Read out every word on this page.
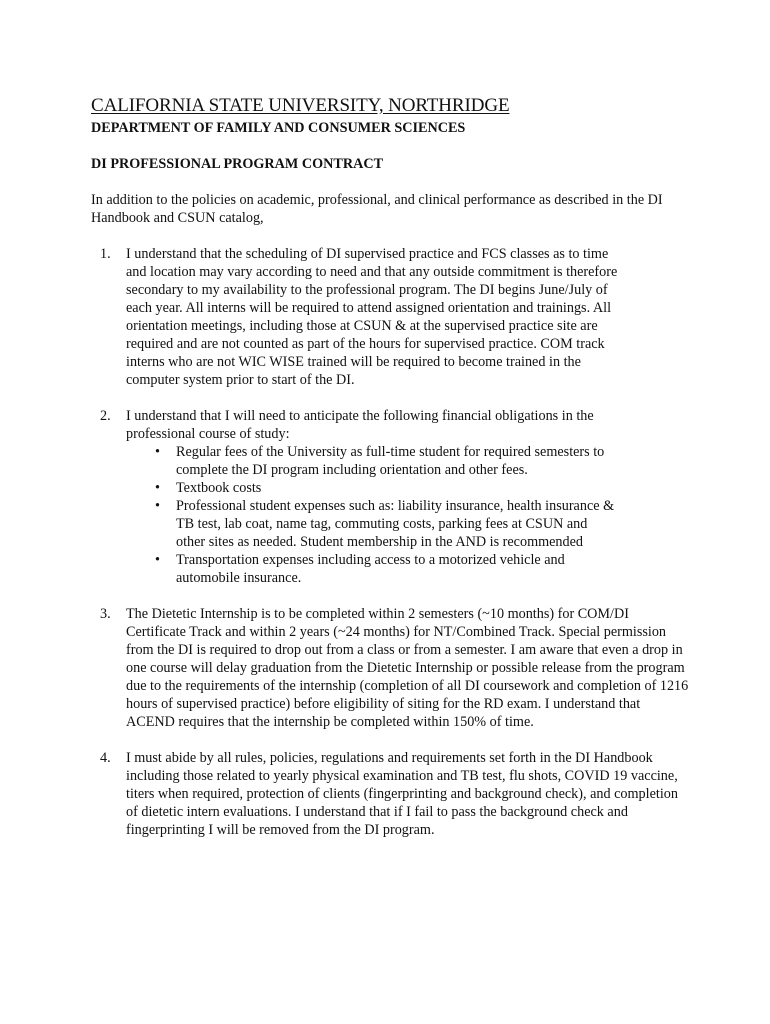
CALIFORNIA STATE UNIVERSITY, NORTHRIDGE
DEPARTMENT OF FAMILY AND CONSUMER SCIENCES
DI PROFESSIONAL PROGRAM CONTRACT

In addition to the policies on academic, professional, and clinical performance as described in the DI Handbook and CSUN catalog,

1. I understand that the scheduling of DI supervised practice and FCS classes as to time and location may vary according to need and that any outside commitment is therefore secondary to my availability to the professional program. The DI begins June/July of each year. All interns will be required to attend assigned orientation and trainings. All orientation meetings, including those at CSUN & at the supervised practice site are required and are not counted as part of the hours for supervised practice. COM track interns who are not WIC WISE trained will be required to become trained in the computer system prior to start of the DI.
2. I understand that I will need to anticipate the following financial obligations in the professional course of study:
• Regular fees of the University as full-time student for required semesters to complete the DI program including orientation and other fees.
• Textbook costs
• Professional student expenses such as: liability insurance, health insurance & TB test, lab coat, name tag, commuting costs, parking fees at CSUN and other sites as needed. Student membership in the AND is recommended
• Transportation expenses including access to a motorized vehicle and automobile insurance.
3. The Dietetic Internship is to be completed within 2 semesters (~10 months) for COM/DI Certificate Track and within 2 years (~24 months) for NT/Combined Track. Special permission from the DI is required to drop out from a class or from a semester. I am aware that even a drop in one course will delay graduation from the Dietetic Internship or possible release from the program due to the requirements of the internship (completion of all DI coursework and completion of 1216 hours of supervised practice) before eligibility of siting for the RD exam. I understand that ACEND requires that the internship be completed within 150% of time.
4. I must abide by all rules, policies, regulations and requirements set forth in the DI Handbook including those related to yearly physical examination and TB test, flu shots, COVID 19 vaccine, titers when required, protection of clients (fingerprinting and background check), and completion of dietetic intern evaluations. I understand that if I fail to pass the background check and fingerprinting I will be removed from the DI program.
